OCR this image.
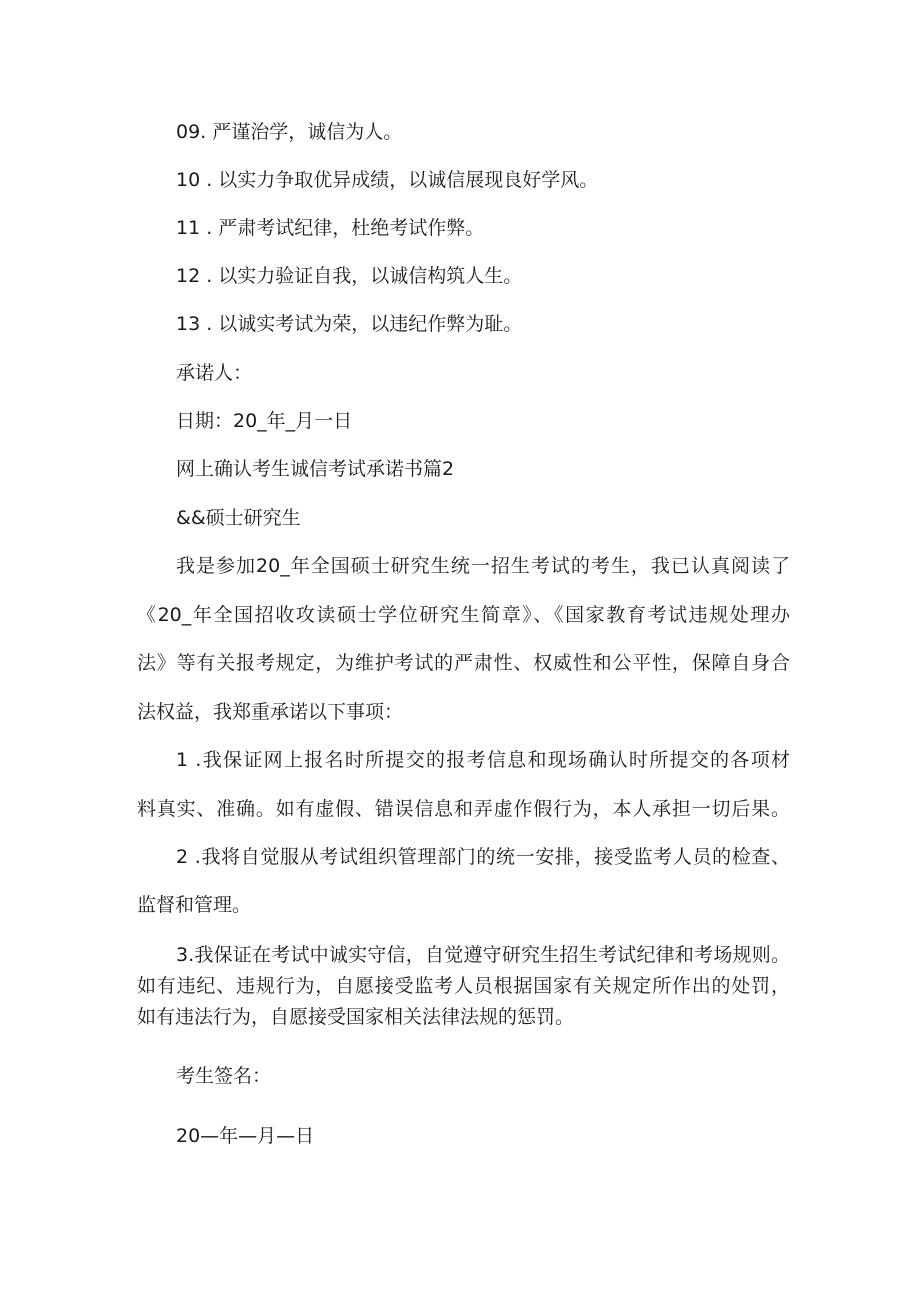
09. 严谨治学，诚信为人。

10 . 以实力争取优异成绩，以诚信展现良好学风。

11 . 严肃考试纪律，杜绝考试作弊。

12 . 以实力验证自我，以诚信构筑人生。

13 . 以诚实考试为荣，以违纪作弊为耻。

承诺人：

日期：20_年_月一日

网上确认考生诚信考试承诺书篇2

&&硕士研究生

我是参加20_年全国硕士研究生统一招生考试的考生，我已认真阅读了

《20_年全国招收攻读硕士学位研究生简章》、《国家教育考试违规处理办

法》等有关报考规定，为维护考试的严肃性、权威性和公平性，保障自身合

法权益，我郑重承诺以下事项：

1 .我保证网上报名时所提交的报考信息和现场确认时所提交的各项材

料真实、准确。如有虚假、错误信息和弄虚作假行为，本人承担一切后果。

2 .我将自觉服从考试组织管理部门的统一安排，接受监考人员的检查、

监督和管理。

3.我保证在考试中诚实守信，自觉遵守研究生招生考试纪律和考场规则。
如有违纪、违规行为，自愿接受监考人员根据国家有关规定所作出的处罚，
如有违法行为，自愿接受国家相关法律法规的惩罚。

考生签名：

20—年—月—日
